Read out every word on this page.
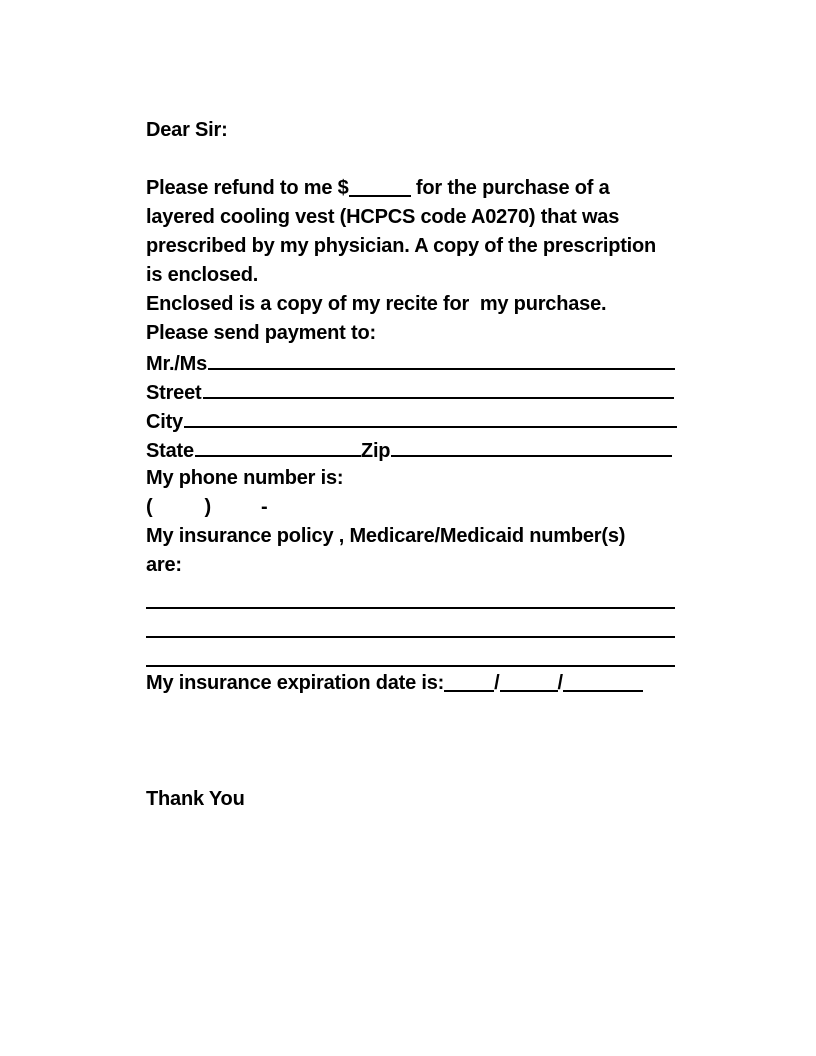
Dear Sir:
Please refund to me $	for the purchase of a
layered cooling vest (HCPCS code A0270) that was
prescribed by my physician. A copy of the prescription
is enclosed.
Enclosed is a copy of my recite for  my purchase.
Please send payment to:
Mr./Ms
Street
City
State	Zip
My phone number is:
(	)	-
My insurance policy , Medicare/Medicaid number(s)
are:
My insurance expiration date is:	/	/
Thank You
